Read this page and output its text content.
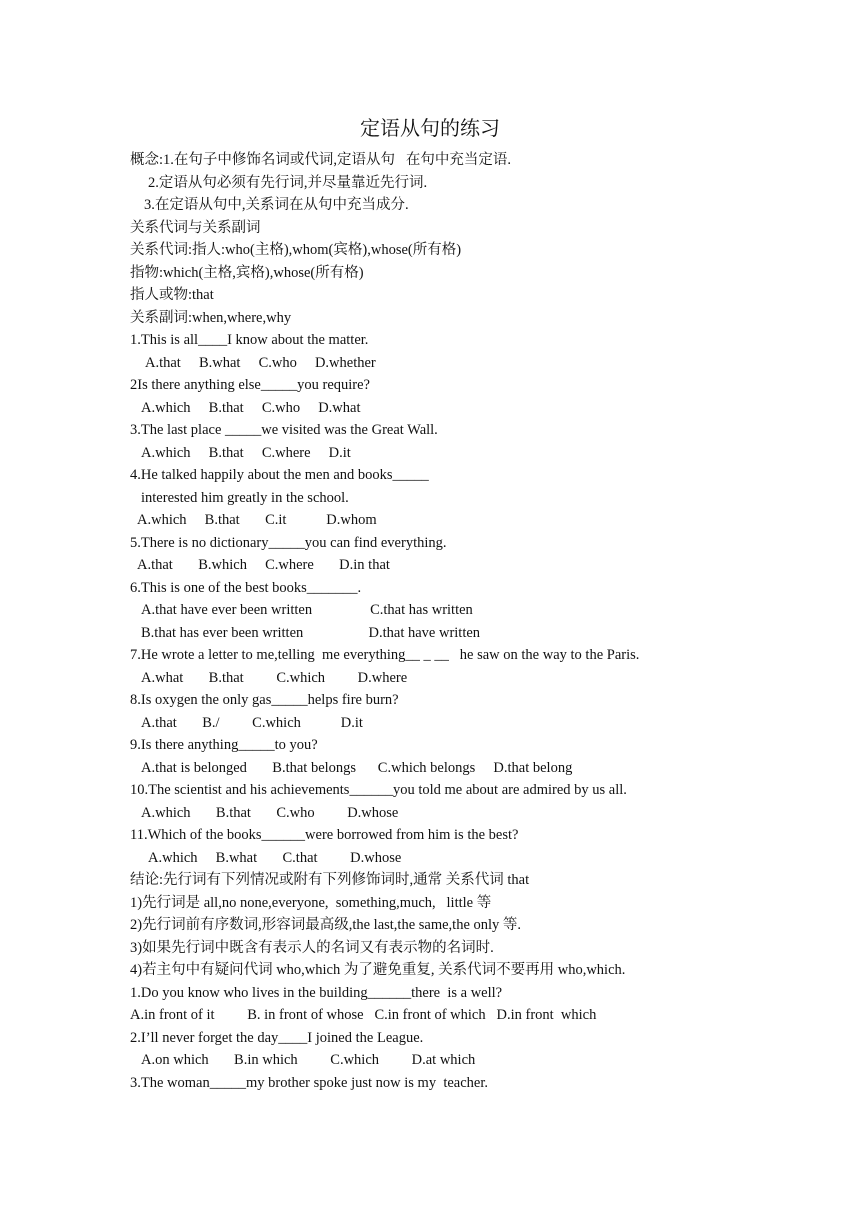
定语从句的练习
概念:1.在句子中修饰名词或代词,定语从句   在句中充当定语.
2.定语从句必须有先行词,并尽量靠近先行词.
3.在定语从句中,关系词在从句中充当成分.
关系代词与关系副词
关系代词:指人:who(主格),whom(宾格),whose(所有格)
指物:which(主格,宾格),whose(所有格)
指人或物:that
关系副词:when,where,why
1.This is all____I know about the matter.
A.that     B.what     C.who     D.whether
2Is there anything else_____you require?
A.which     B.that     C.who     D.what
3.The last place _____we visited was the Great Wall.
A.which     B.that     C.where     D.it
4.He talked happily about the men and books_____
interested him greatly in the school.
A.which     B.that       C.it           D.whom
5.There is no dictionary_____you can find everything.
A.that       B.which     C.where       D.in that
6.This is one of the best books_______.
A.that have ever been written                C.that has written
B.that has ever been written                  D.that have written
7.He wrote a letter to me,telling  me everything__ _ __   he saw on the way to the Paris.
A.what       B.that         C.which         D.where
8.Is oxygen the only gas_____helps fire burn?
A.that       B./         C.which           D.it
9.Is there anything_____to you?
A.that is belonged       B.that belongs      C.which belongs     D.that belong
10.The scientist and his achievements______you told me about are admired by us all.
A.which       B.that       C.who         D.whose
11.Which of the books______were borrowed from him is the best?
A.which     B.what       C.that         D.whose
结论:先行词有下列情况或附有下列修饰词时,通常 关系代词 that
1)先行词是 all,no none,everyone,  something,much,   little 等
2)先行词前有序数词,形容词最高级,the last,the same,the only 等.
3)如果先行词中既含有表示人的名词又有表示物的名词时.
4)若主句中有疑问代词 who,which 为了避免重复, 关系代词不要再用 who,which.
1.Do you know who lives in the building______there  is a well?
A.in front of it         B. in front of whose   C.in front of which   D.in front  which
2.I’ll never forget the day____I joined the League.
A.on which       B.in which         C.which         D.at which
3.The woman_____my brother spoke just now is my  teacher.
